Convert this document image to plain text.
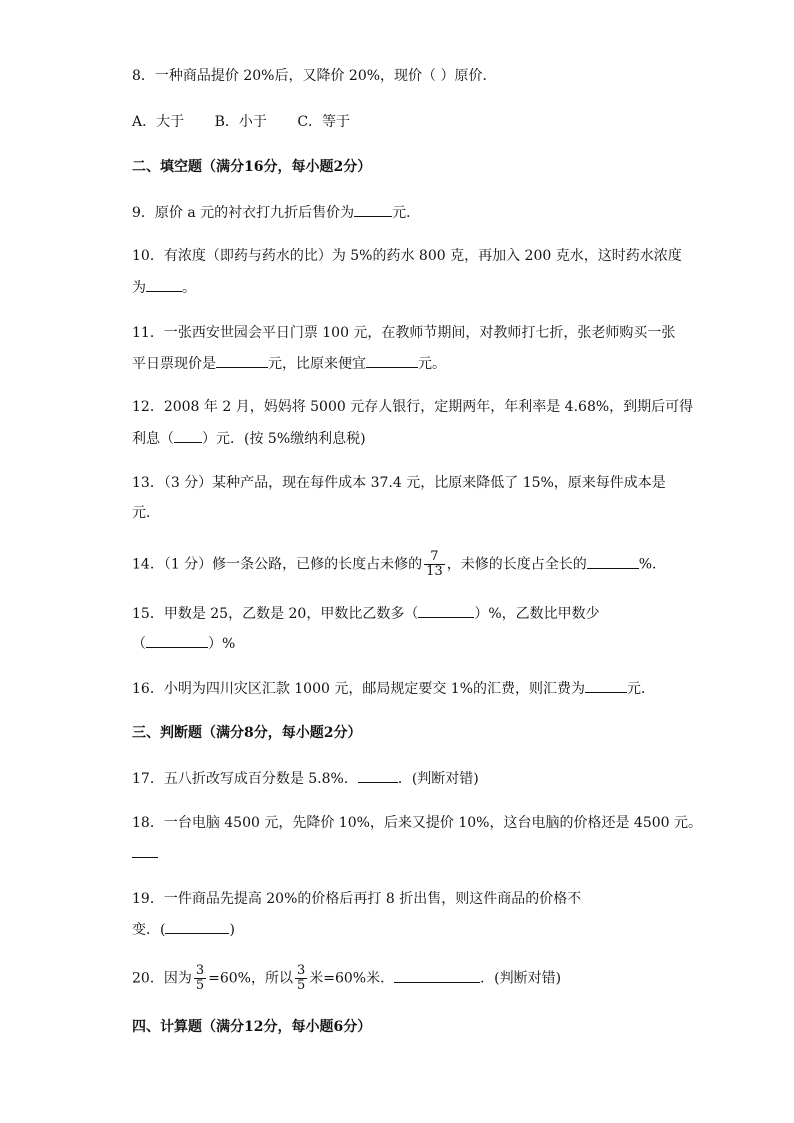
8．一种商品提价 20%后，又降价 20%，现价（ ）原价．
A．大于 B．小于 C．等于
二、填空题（满分16分，每小题2分）
9．原价 a 元的衬衣打九折后售价为	元．
10．有浓度（即药与药水的比）为 5%的药水 800 克，再加入 200 克水，这时药水浓度
为	。
11．一张西安世园会平日门票 100 元，在教师节期间，对教师打七折，张老师购买一张
平日票现价是	元，比原来便宜	元。
12．2008 年 2 月，妈妈将 5000 元存人银行，定期两年，年利率是 4.68%，到期后可得
利息（ ）元．(按 5%缴纳利息税)
13．（3 分）某种产品，现在每件成本 37.4 元，比原来降低了 15%，原来每件成本是
元．
14．（1 分）修一条公路，已修的长度占未修的 $\frac{7}{13}$ ，未修的长度占全长的	%．
15．甲数是 25，乙数是 20，甲数比乙数多（	）%，乙数比甲数少
（	）%
16．小明为四川灾区汇款 1000 元，邮局规定要交 1%的汇费，则汇费为	元．
三、判断题（满分8分，每小题2分）
17．五八折改写成百分数是 5.8%．	．(判断对错)
18．一台电脑 4500 元，先降价 10%，后来又提价 10%，这台电脑的价格还是 4500 元。
19．一件商品先提高 20%的价格后再打 8 折出售，则这件商品的价格不
变．(	)
20．因为 $\frac{3}{5} =60\%$，所以 $\frac{3}{5}$ 米=60%米．	．(判断对错)
四、计算题（满分12分，每小题6分）
